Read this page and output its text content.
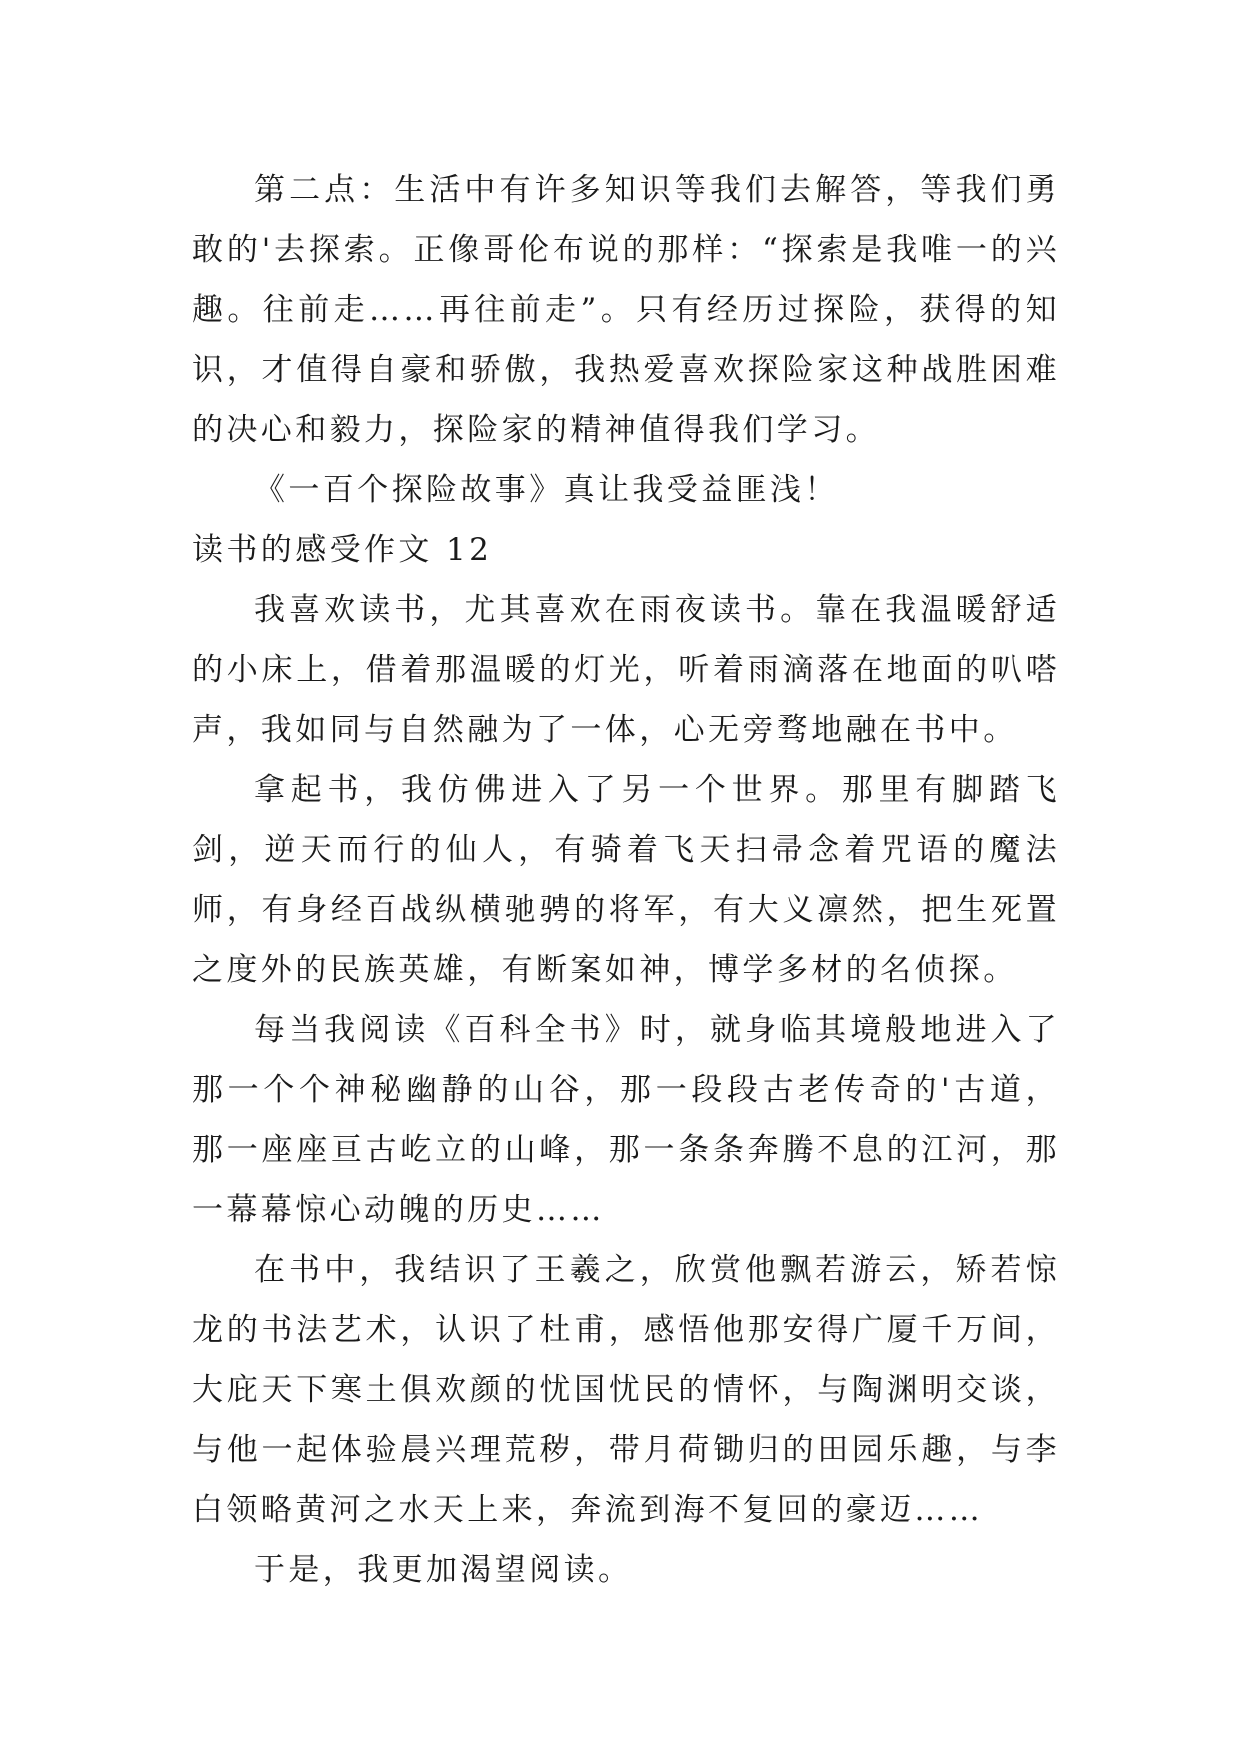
第二点：生活中有许多知识等我们去解答，等我们勇敢的'去探索。正像哥伦布说的那样：“探索是我唯一的兴趣。往前走……再往前走”。只有经历过探险，获得的知识，才值得自豪和骄傲，我热爱喜欢探险家这种战胜困难的决心和毅力，探险家的精神值得我们学习。

《一百个探险故事》真让我受益匪浅！

读书的感受作文 12

我喜欢读书，尤其喜欢在雨夜读书。靠在我温暖舒适的小床上，借着那温暖的灯光，听着雨滴落在地面的叭嗒声，我如同与自然融为了一体，心无旁骛地融在书中。

拿起书，我仿佛进入了另一个世界。那里有脚踏飞剑，逆天而行的仙人，有骑着飞天扫帚念着咒语的魔法师，有身经百战纵横驰骋的将军，有大义凛然，把生死置之度外的民族英雄，有断案如神，博学多材的名侦探。

每当我阅读《百科全书》时，就身临其境般地进入了那一个个神秘幽静的山谷，那一段段古老传奇的'古道，那一座座亘古屹立的山峰，那一条条奔腾不息的江河，那一幕幕惊心动魄的历史……

在书中，我结识了王羲之，欣赏他飘若游云，矫若惊龙的书法艺术，认识了杜甫，感悟他那安得广厦千万间，大庇天下寒土俱欢颜的忧国忧民的情怀，与陶渊明交谈，与他一起体验晨兴理荒秽，带月荷锄归的田园乐趣，与李白领略黄河之水天上来，奔流到海不复回的豪迈……

于是，我更加渴望阅读。
